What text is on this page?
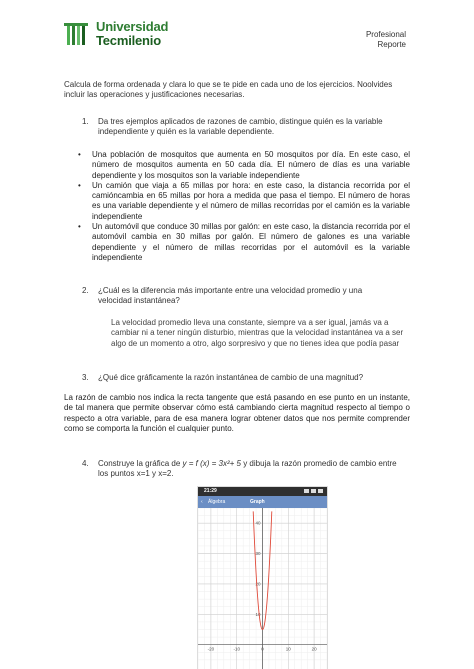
Universidad
Tecmilenio	Profesional
Reporte
Calcula de forma ordenada y clara lo que se te pide en cada uno de los ejercicios. Noolvides incluir las operaciones y justificaciones necesarias.
1. Da tres ejemplos aplicados de razones de cambio, distingue quién es la variable independiente y quién es la variable dependiente.
• Una población de mosquitos que aumenta en 50 mosquitos por día. En este caso, el número de mosquitos aumenta en 50 cada día. El número de días es una variable dependiente y los mosquitos son la variable independiente
• Un camión que viaja a 65 millas por hora: en este caso, la distancia recorrida por el camióncambia en 65 millas por hora a medida que pasa el tiempo. El número de horas es una variable dependiente y el número de millas recorridas por el camión es la variable independiente
• Un automóvil que conduce 30 millas por galón: en este caso, la distancia recorrida por el automóvil cambia en 30 millas por galón. El número de galones es una variable dependiente y el número de millas recorridas por el automóvil es la variable independiente
2. ¿Cuál es la diferencia más importante entre una velocidad promedio y una velocidad instantánea?
La velocidad promedio lleva una constante, siempre va a ser igual, jamás va a cambiar ni a tener ningún disturbio, mientras que la velocidad instantánea va a ser algo de un momento a otro, algo sorpresivo y que no tienes idea que podía pasar
3. ¿Qué dice gráficamente la razón instantánea de cambio de una magnitud?
La razón de cambio nos indica la recta tangente que está pasando en ese punto en un instante, de tal manera que permite observar cómo está cambiando cierta magnitud respecto al tiempo o respecto a otra variable, para de esa manera lograr obtener datos que nos permite comprender como se comporta la función el cualquier punto.
4. Construye la gráfica de y = f (x) = 3x²+ 5 y dibuja la razón promedio de cambio entre los puntos x=1 y x=2.
21:29
‹ Álgebra	Graph
-20	-10	0	10	20
10
20
30
40
